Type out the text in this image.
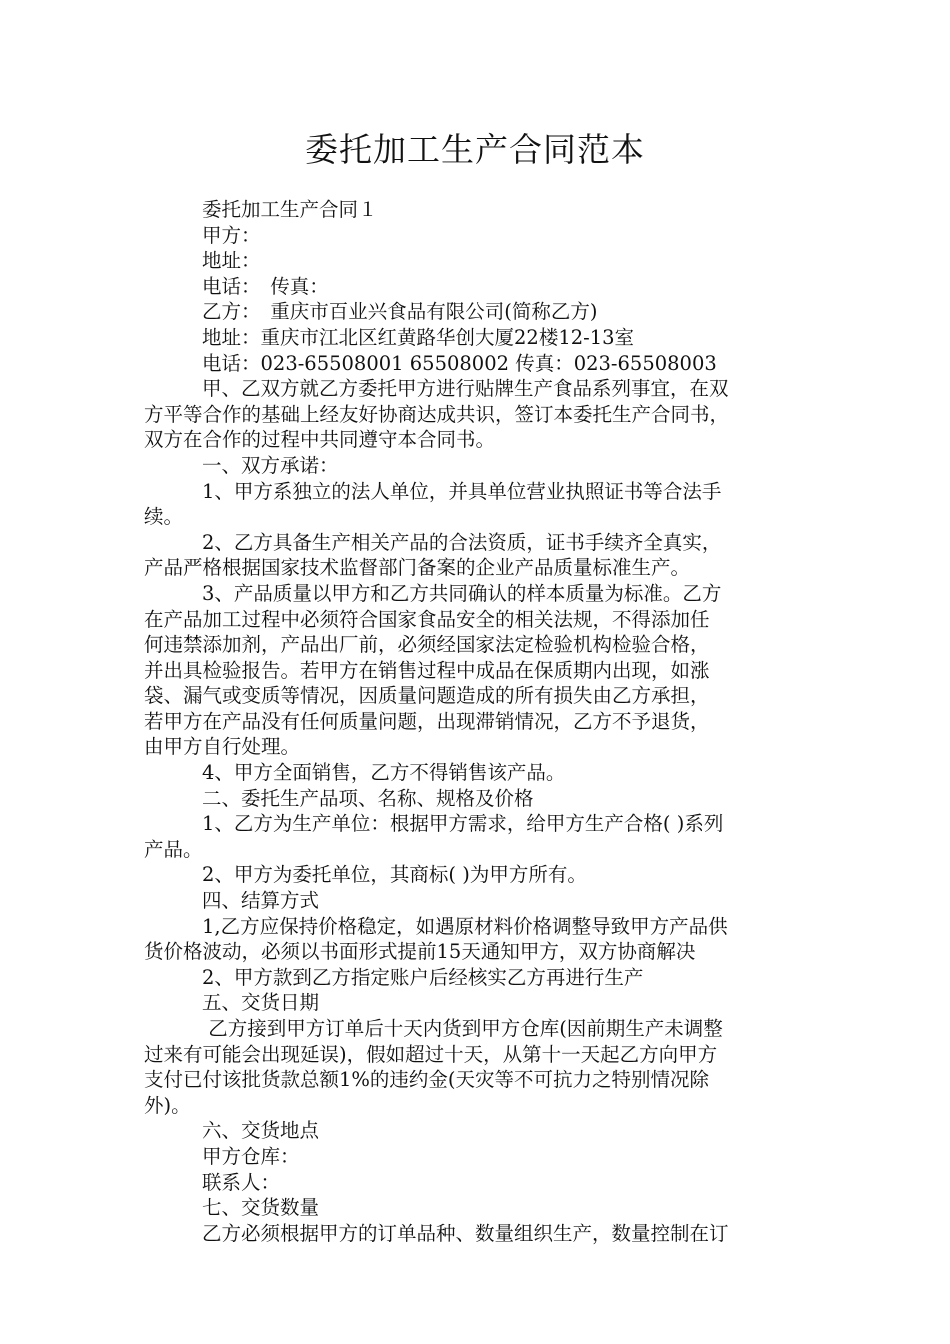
委托加工生产合同范本

委托加工生产合同１

甲方：

地址：

电话：　传真：

乙方：　重庆市百业兴食品有限公司(简称乙方)

地址：重庆市江北区红黄路华创大厦22楼12-13室

电话：023-65508001 65508002 传真：023-65508003

甲、乙双方就乙方委托甲方进行贴牌生产食品系列事宜，在双

方平等合作的基础上经友好协商达成共识，签订本委托生产合同书，

双方在合作的过程中共同遵守本合同书。

一、双方承诺：

1、甲方系独立的法人单位，并具单位营业执照证书等合法手

续。

2、乙方具备生产相关产品的合法资质，证书手续齐全真实，

产品严格根据国家技术监督部门备案的企业产品质量标准生产。

3、产品质量以甲方和乙方共同确认的样本质量为标准。乙方

在产品加工过程中必须符合国家食品安全的相关法规，不得添加任

何违禁添加剂，产品出厂前，必须经国家法定检验机构检验合格，

并出具检验报告。若甲方在销售过程中成品在保质期内出现，如涨

袋、漏气或变质等情况，因质量问题造成的所有损失由乙方承担，

若甲方在产品没有任何质量问题，出现滞销情况，乙方不予退货，

由甲方自行处理。

4、甲方全面销售，乙方不得销售该产品。

二、委托生产品项、名称、规格及价格

1、乙方为生产单位：根据甲方需求，给甲方生产合格( )系列

产品。

2、甲方为委托单位，其商标( )为甲方所有。

四、结算方式

1,乙方应保持价格稳定，如遇原材料价格调整导致甲方产品供

货价格波动，必须以书面形式提前15天通知甲方，双方协商解决

2、甲方款到乙方指定账户后经核实乙方再进行生产

五、交货日期

乙方接到甲方订单后十天内货到甲方仓库(因前期生产未调整

过来有可能会出现延误)，假如超过十天，从第十一天起乙方向甲方

支付已付该批货款总额1%的违约金(天灾等不可抗力之特别情况除

外)。

六、交货地点

甲方仓库：

联系人：

七、交货数量

乙方必须根据甲方的订单品种、数量组织生产，数量控制在订
